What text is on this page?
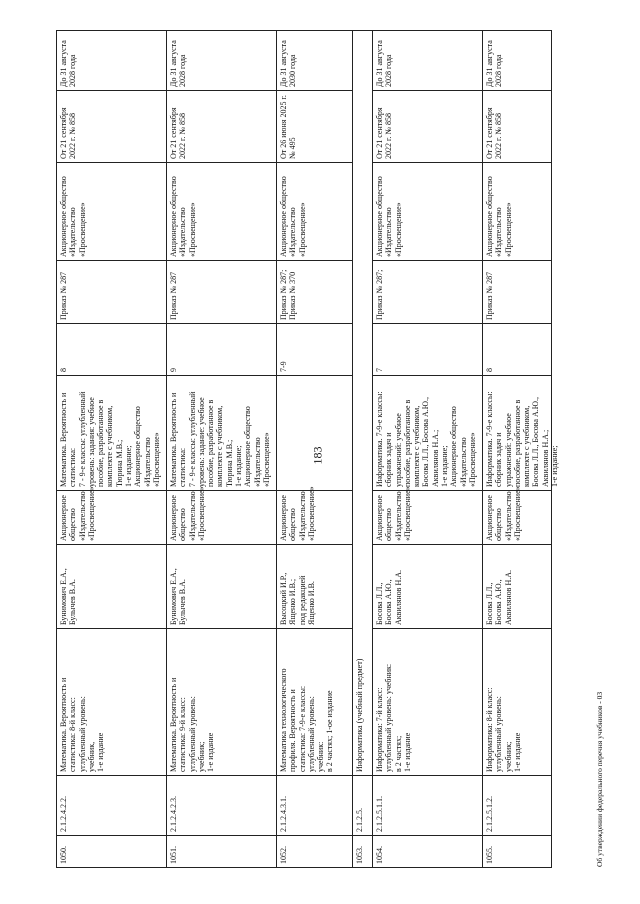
183
1050.
2.1.2.4.2.2.
Математика. Вероятность и
статистика: 8-й класс:
углубленный уровень:
учебник,
1-е издание
Бунимович Е.А.,
Булычев В.А.
Акционерное
общество
«Издательство
«Просвещение»
Математика. Вероятность и
статистика:
7 - 9-е классы: углубленный
уровень: задания: учебное
пособие, разработанное в
комплекте с учебником,
Тюрина М.В.;
1-е издание;
Акционерное общество
«Издательство
«Просвещение»
8
Приказ № 287
Акционерное общество
«Издательство
«Просвещение»
От 21 сентября
2022 г. № 858
До 31 августа
2028 года
1051.
2.1.2.4.2.3.
Математика. Вероятность и
статистика: 9-й класс:
углубленный уровень:
учебник;
1-е издание
Бунимович Е.А.,
Булычев В.А.
Акционерное
общество
«Издательство
«Просвещение»
Математика. Вероятность и
статистика:
7 - 9-е классы: углубленный
уровень: задание: учебное
пособие, разработанное в
комплекте с учебником,
Тюрина М.В.;
1-е издание;
Акционерное общество
«Издательство
«Просвещение»
9
Приказ № 287
Акционерное общество
«Издательство
«Просвещение»
От 21 сентября
2022 г. № 858
До 31 августа
2028 года
1052.
2.1.2.4.3.1.
Математика технологического
профиля. Вероятность и
статистика: 7-9-е классы:
углубленный уровень:
учебник:
в 2 частях; 1-ое издание
Высоцкий И.Р.,
Ященко И.В.;
под редакцией
Ященко И.В.
Акционерное
общество
«Издательство
«Просвещение»
7-9
Приказ № 287;
Приказ № 370
Акционерное общество
«Издательство
«Просвещение»
От 26 июня 2025 г.
№ 495
До 31 августа
2030 года
1053.
2.1.2.5.
Информатика (учебный предмет)
1054.
2.1.2.5.1.1.
Информатика: 7-й класс:
углубленный уровень: учебник:
в 2 частях;
1-е издание
Босова Л.Л.,
Босова А.Ю.,
Аквилянов Н.А.
Акционерное
общество
«Издательство
«Просвещение»
Информатика. 7-9-е классы:
сборник задач и
упражнений: учебное
пособие, разработанное в
комплекте с учебником,
Босова Л.Л., Босова А.Ю.,
Аквилянов Н.А.;
1-е издание;
Акционерное общество
«Издательство
«Просвещение»
7
Приказ № 287;
Акционерное общество
«Издательство
«Просвещение»
От 21 сентября
2022 г. № 858
До 31 августа
2028 года
1055.
2.1.2.5.1.2.
Информатика: 8-й класс:
углубленный уровень:
учебник;
1-е издание
Босова Л.Л.,
Босова А.Ю.,
Аквилянов Н.А.
Акционерное
общество
«Издательство
«Просвещение»
Информатика. 7-9-е классы:
сборник задач и
упражнений: учебное
пособие, разработанное в
комплекте с учебником,
Босова Л.Л., Босова А.Ю.,
Аквилянов Н.А.;
1-е издание;
8
Приказ № 287
Акционерное общество
«Издательство
«Просвещение»
От 21 сентября
2022 г. № 858
До 31 августа
2028 года
Об утверждении федерального перечня учебников - 03
